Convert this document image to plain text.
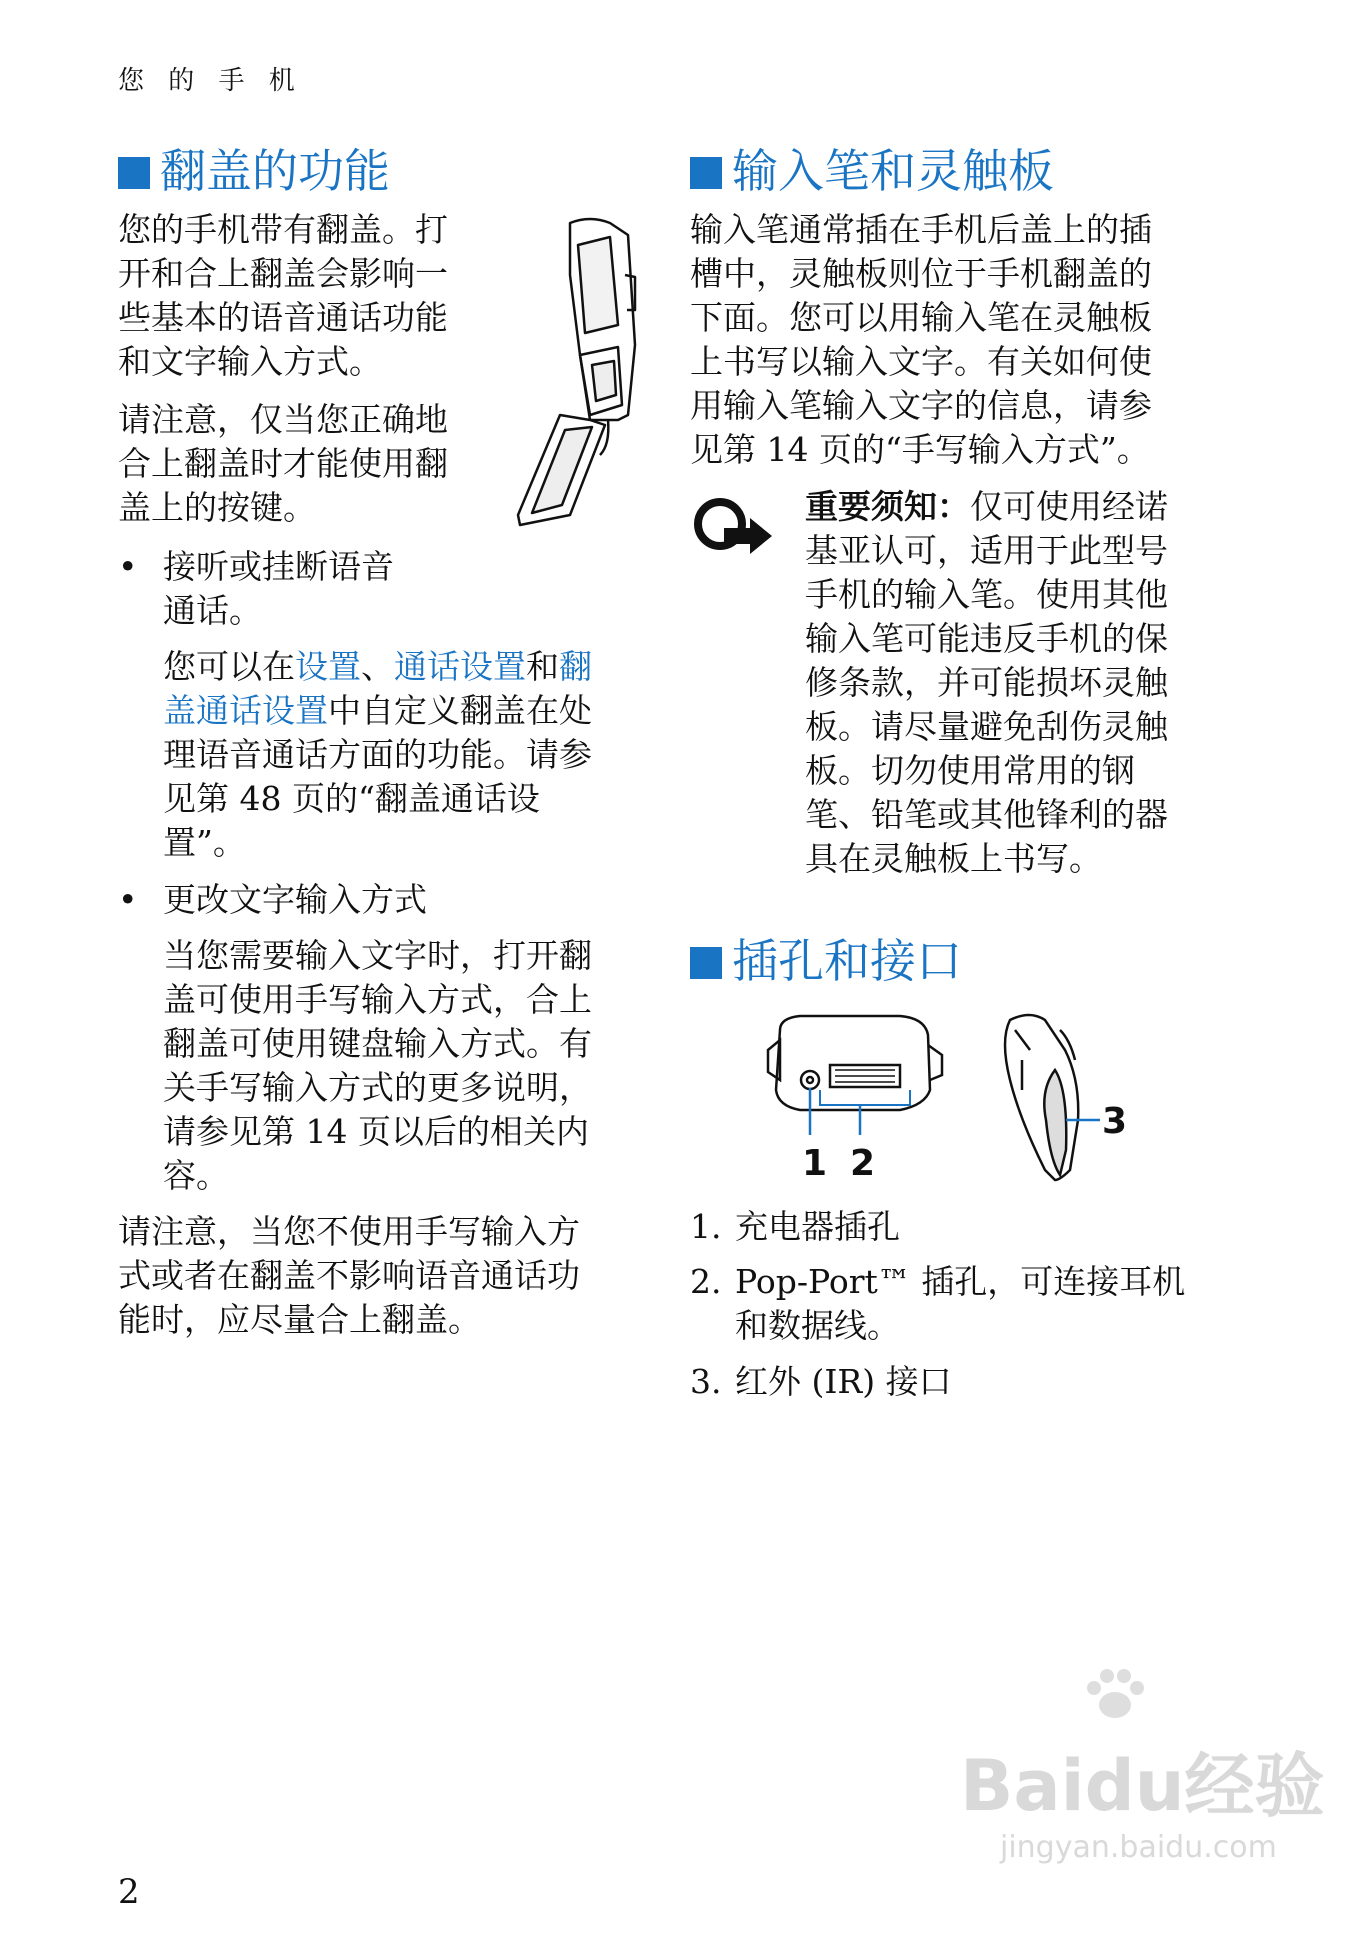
您 的 手 机
翻盖的功能
您的手机带有翻盖。打
开和合上翻盖会影响一
些基本的语音通话功能
和文字输入方式。
请注意，仅当您正确地
合上翻盖时才能使用翻
盖上的按键。
• 接听或挂断语音
通话。
您可以在设置、通话设置和翻
盖通话设置中自定义翻盖在处
理语音通话方面的功能。请参
见第 48 页的“翻盖通话设
置”。
• 更改文字输入方式
当您需要输入文字时，打开翻
盖可使用手写输入方式，合上
翻盖可使用键盘输入方式。有
关手写输入方式的更多说明，
请参见第 14 页以后的相关内
容。
请注意，当您不使用手写输入方
式或者在翻盖不影响语音通话功
能时，应尽量合上翻盖。
输入笔和灵触板
输入笔通常插在手机后盖上的插
槽中，灵触板则位于手机翻盖的
下面。您可以用输入笔在灵触板
上书写以输入文字。有关如何使
用输入笔输入文字的信息，请参
见第 14 页的“手写输入方式”。
重要须知：仅可使用经诺
基亚认可，适用于此型号
手机的输入笔。使用其他
输入笔可能违反手机的保
修条款，并可能损坏灵触
板。请尽量避免刮伤灵触
板。切勿使用常用的钢
笔、铅笔或其他锋利的器
具在灵触板上书写。
插孔和接口
1 2
3
1. 充电器插孔
2. Pop-Port™ 插孔，可连接耳机
和数据线。
3. 红外 (IR) 接口
2
Baidu经验
jingyan.baidu.com
